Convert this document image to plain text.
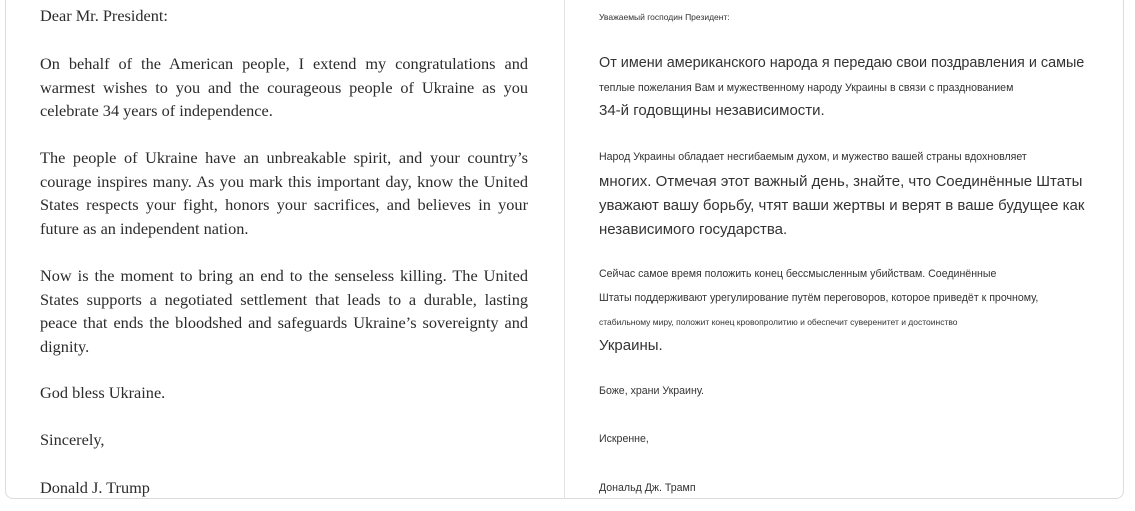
Dear Mr. President:

On behalf of the American people, I extend my congratulations and warmest wishes to you and the courageous people of Ukraine as you celebrate 34 years of independence.

The people of Ukraine have an unbreakable spirit, and your country’s courage inspires many. As you mark this important day, know the United States respects your fight, honors your sacrifices, and believes in your future as an independent nation.

Now is the moment to bring an end to the senseless killing. The United States supports a negotiated settlement that leads to a durable, lasting peace that ends the bloodshed and safeguards Ukraine’s sovereignty and dignity.

God bless Ukraine.

Sincerely,

Donald J. Trump

Уважаемый господин Президент:
От имени американского народа я передаю свои поздравления и самые
теплые пожелания Вам и мужественному народу Украины в связи с празднованием
34-й годовщины независимости.
Народ Украины обладает несгибаемым духом, и мужество вашей страны вдохновляет
многих. Отмечая этот важный день, знайте, что Соединённые Штаты
уважают вашу борьбу, чтят ваши жертвы и верят в ваше будущее как
независимого государства.
Сейчас самое время положить конец бессмысленным убийствам. Соединённые
Штаты поддерживают урегулирование путём переговоров, которое приведёт к прочному,
стабильному миру, положит конец кровопролитию и обеспечит суверенитет и достоинство
Украины.
Боже, храни Украину.
Искренне,
Дональд Дж. Трамп
